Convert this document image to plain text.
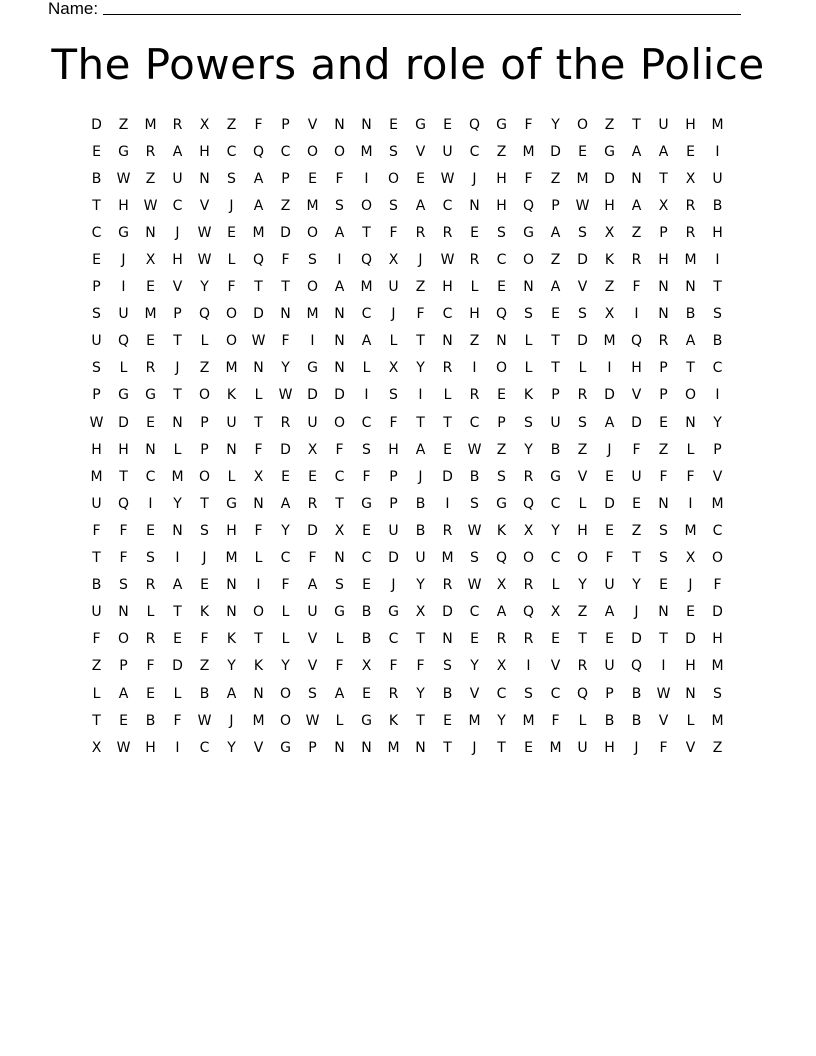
Name:
The Powers and role of the Police
D	Z	M	R	X	Z	F	P	V	N	N	E	G	E	Q	G	F	Y	O	Z	T	U	H	M
E	G	R	A	H	C	Q	C	O	O	M	S	V	U	C	Z	M	D	E	G	A	A	E	I
B	W	Z	U	N	S	A	P	E	F	I	O	E	W	J	H	F	Z	M	D	N	T	X	U
T	H	W	C	V	J	A	Z	M	S	O	S	A	C	N	H	Q	P	W	H	A	X	R	B
C	G	N	J	W	E	M	D	O	A	T	F	R	R	E	S	G	A	S	X	Z	P	R	H
E	J	X	H	W	L	Q	F	S	I	Q	X	J	W	R	C	O	Z	D	K	R	H	M	I
P	I	E	V	Y	F	T	T	O	A	M	U	Z	H	L	E	N	A	V	Z	F	N	N	T
S	U	M	P	Q	O	D	N	M	N	C	J	F	C	H	Q	S	E	S	X	I	N	B	S
U	Q	E	T	L	O	W	F	I	N	A	L	T	N	Z	N	L	T	D	M	Q	R	A	B
S	L	R	J	Z	M	N	Y	G	N	L	X	Y	R	I	O	L	T	L	I	H	P	T	C
P	G	G	T	O	K	L	W	D	D	I	S	I	L	R	E	K	P	R	D	V	P	O	I
W	D	E	N	P	U	T	R	U	O	C	F	T	T	C	P	S	U	S	A	D	E	N	Y
H	H	N	L	P	N	F	D	X	F	S	H	A	E	W	Z	Y	B	Z	J	F	Z	L	P
M	T	C	M	O	L	X	E	E	C	F	P	J	D	B	S	R	G	V	E	U	F	F	V
U	Q	I	Y	T	G	N	A	R	T	G	P	B	I	S	G	Q	C	L	D	E	N	I	M
F	F	E	N	S	H	F	Y	D	X	E	U	B	R	W	K	X	Y	H	E	Z	S	M	C
T	F	S	I	J	M	L	C	F	N	C	D	U	M	S	Q	O	C	O	F	T	S	X	O
B	S	R	A	E	N	I	F	A	S	E	J	Y	R	W	X	R	L	Y	U	Y	E	J	F
U	N	L	T	K	N	O	L	U	G	B	G	X	D	C	A	Q	X	Z	A	J	N	E	D
F	O	R	E	F	K	T	L	V	L	B	C	T	N	E	R	R	E	T	E	D	T	D	H
Z	P	F	D	Z	Y	K	Y	V	F	X	F	F	S	Y	X	I	V	R	U	Q	I	H	M
L	A	E	L	B	A	N	O	S	A	E	R	Y	B	V	C	S	C	Q	P	B	W	N	S
T	E	B	F	W	J	M	O	W	L	G	K	T	E	M	Y	M	F	L	B	B	V	L	M
X	W	H	I	C	Y	V	G	P	N	N	M	N	T	J	T	E	M	U	H	J	F	V	Z
